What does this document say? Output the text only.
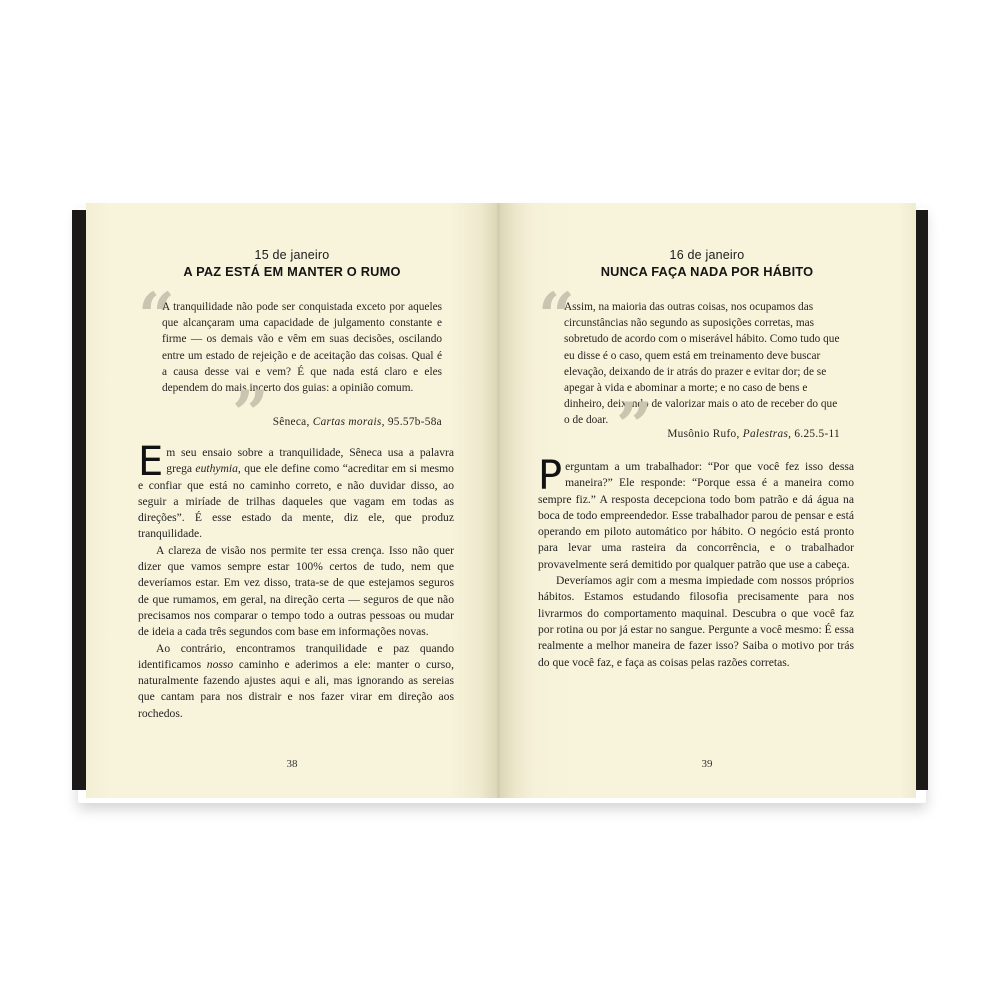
15 de janeiro
A PAZ ESTÁ EM MANTER O RUMO
“
A tranquilidade não pode ser conquistada exceto por aqueles que alcançaram uma capacidade de julgamento constante e firme — os demais vão e vêm em suas decisões, oscilando entre um estado de rejeição e de aceitação das coisas. Qual é a causa desse vai e vem? É que nada está claro e eles dependem do mais incerto dos guias: a opinião comum.
” Sêneca, Cartas morais, 95.57b-58a

Em seu ensaio sobre a tranquilidade, Sêneca usa a palavra grega euthymia, que ele define como “acreditar em si mesmo e confiar que está no caminho correto, e não duvidar disso, ao seguir a miríade de trilhas daqueles que vagam em todas as direções”. É esse estado da mente, diz ele, que produz tranquilidade.

A clareza de visão nos permite ter essa crença. Isso não quer dizer que vamos sempre estar 100% certos de tudo, nem que deveríamos estar. Em vez disso, trata-se de que estejamos seguros de que rumamos, em geral, na direção certa — seguros de que não precisamos nos comparar o tempo todo a outras pessoas ou mudar de ideia a cada três segundos com base em informações novas.

Ao contrário, encontramos tranquilidade e paz quando identificamos nosso caminho e aderimos a ele: manter o curso, naturalmente fazendo ajustes aqui e ali, mas ignorando as sereias que cantam para nos distrair e nos fazer virar em direção aos rochedos.

38
16 de janeiro
NUNCA FAÇA NADA POR HÁBITO
“
Assim, na maioria das outras coisas, nos ocupamos das circunstâncias não segundo as suposições corretas, mas sobretudo de acordo com o miserável hábito. Como tudo que eu disse é o caso, quem está em treinamento deve buscar elevação, deixando de ir atrás do prazer e evitar dor; de se apegar à vida e abominar a morte; e no caso de bens e dinheiro, deixando de valorizar mais o ato de receber do que o de doar. ”	Musônio Rufo, Palestras, 6.25.5-11

Perguntam a um trabalhador: “Por que você fez isso dessa maneira?” Ele responde: “Porque essa é a maneira como sempre fiz.” A resposta decepciona todo bom patrão e dá água na boca de todo empreendedor. Esse trabalhador parou de pensar e está operando em piloto automático por hábito. O negócio está pronto para levar uma rasteira da concorrência, e o trabalhador provavelmente será demitido por qualquer patrão que use a cabeça.

Deveríamos agir com a mesma impiedade com nossos próprios hábitos. Estamos estudando filosofia precisamente para nos livrarmos do comportamento maquinal. Descubra o que você faz por rotina ou por já estar no sangue. Pergunte a você mesmo: É essa realmente a melhor maneira de fazer isso? Saiba o motivo por trás do que você faz, e faça as coisas pelas razões corretas.

39
